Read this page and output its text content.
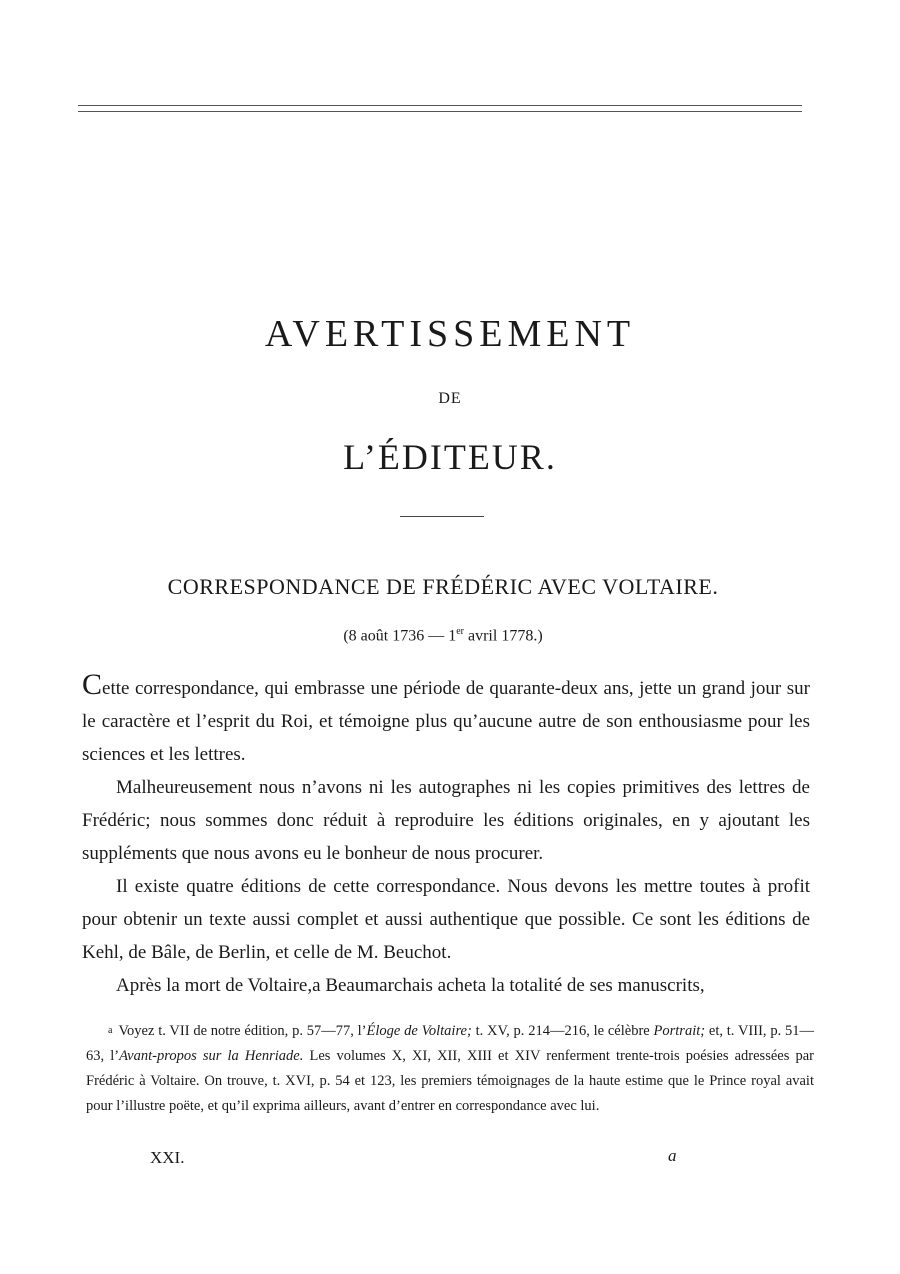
AVERTISSEMENT
DE
L’ÉDITEUR.
CORRESPONDANCE DE FRÉDÉRIC AVEC VOLTAIRE.
(8 août 1736 — 1er avril 1778.)

Cette correspondance, qui embrasse une période de quarante-deux ans, jette un grand jour sur le caractère et l’esprit du Roi, et témoigne plus qu’aucune autre de son enthousiasme pour les sciences et les lettres.

Malheureusement nous n’avons ni les autographes ni les copies primitives des lettres de Frédéric; nous sommes donc réduit à reproduire les éditions originales, en y ajoutant les suppléments que nous avons eu le bonheur de nous procurer.

Il existe quatre éditions de cette correspondance. Nous devons les mettre toutes à profit pour obtenir un texte aussi complet et aussi authentique que possible. Ce sont les éditions de Kehl, de Bâle, de Berlin, et celle de M. Beuchot.

Après la mort de Voltaire,a Beaumarchais acheta la totalité de ses manuscrits,

a Voyez t. VII de notre édition, p. 57—77, l’Éloge de Voltaire; t. XV, p. 214—216, le célèbre Portrait; et, t. VIII, p. 51—63, l’Avant-propos sur la Henriade. Les volumes X, XI, XII, XIII et XIV renferment trente-trois poésies adressées par Frédéric à Voltaire. On trouve, t. XVI, p. 54 et 123, les premiers témoignages de la haute estime que le Prince royal avait pour l’illustre poëte, et qu’il exprima ailleurs, avant d’entrer en correspondance avec lui.

XXI.	a
